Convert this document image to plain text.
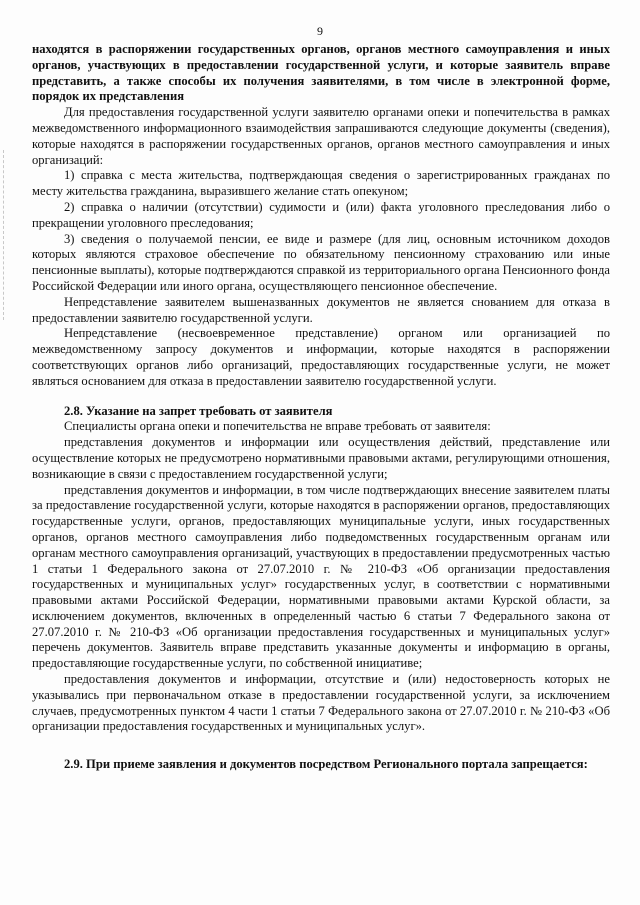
9

находятся в распоряжении государственных органов, органов местного самоуправления и иных органов, участвующих в предоставлении государственной услуги, и которые заявитель вправе представить, а также способы их получения заявителями, в том числе в электронной форме, порядок их представления

Для предоставления государственной услуги заявителю органами опеки и попечительства в рамках межведомственного информационного взаимодействия запрашиваются следующие документы (сведения), которые находятся в распоряжении государственных органов, органов местного самоуправления и иных организаций:

1) справка с места жительства, подтверждающая сведения о зарегистрированных гражданах по месту жительства гражданина, выразившего желание стать опекуном;

2) справка о наличии (отсутствии) судимости и (или) факта уголовного преследования либо о прекращении уголовного преследования;

3) сведения о получаемой пенсии, ее виде и размере (для лиц, основным источником доходов которых являются страховое обеспечение по обязательному пенсионному страхованию или иные пенсионные выплаты), которые подтверждаются справкой из территориального органа Пенсионного фонда Российской Федерации или иного органа, осуществляющего пенсионное обеспечение.

Непредставление заявителем вышеназванных документов не является снованием для отказа в предоставлении заявителю государственной услуги.

Непредставление (несвоевременное представление) органом или организацией по межведомственному запросу документов и информации, которые находятся в распоряжении соответствующих органов либо организаций, предоставляющих государственные услуги, не может являться основанием для отказа в предоставлении заявителю государственной услуги.

2.8. Указание на запрет требовать от заявителя

Специалисты органа опеки и попечительства не вправе требовать от заявителя:

представления документов и информации или осуществления действий, представление или осуществление которых не предусмотрено нормативными правовыми актами, регулирующими отношения, возникающие в связи с предоставлением государственной услуги;

представления документов и информации, в том числе подтверждающих внесение заявителем платы за предоставление государственной услуги, которые находятся в распоряжении органов, предоставляющих государственные услуги, органов, предоставляющих муниципальные услуги, иных государственных органов, органов местного самоуправления либо подведомственных государственным органам или органам местного самоуправления организаций, участвующих в предоставлении предусмотренных частью 1 статьи 1 Федерального закона от 27.07.2010 г. № 210-ФЗ «Об организации предоставления государственных и муниципальных услуг» государственных услуг, в соответствии с нормативными правовыми актами Российской Федерации, нормативными правовыми актами Курской области, за исключением документов, включенных в определенный частью 6 статьи 7 Федерального закона от 27.07.2010 г. № 210-ФЗ «Об организации предоставления государственных и муниципальных услуг» перечень документов. Заявитель вправе представить указанные документы и информацию в органы, предоставляющие государственные услуги, по собственной инициативе;

предоставления документов и информации, отсутствие и (или) недостоверность которых не указывались при первоначальном отказе в предоставлении государственной услуги, за исключением случаев, предусмотренных пунктом 4 части 1 статьи 7 Федерального закона от 27.07.2010 г. № 210-ФЗ «Об организации предоставления государственных и муниципальных услуг».

2.9. При приеме заявления и документов посредством Регионального портала запрещается:
